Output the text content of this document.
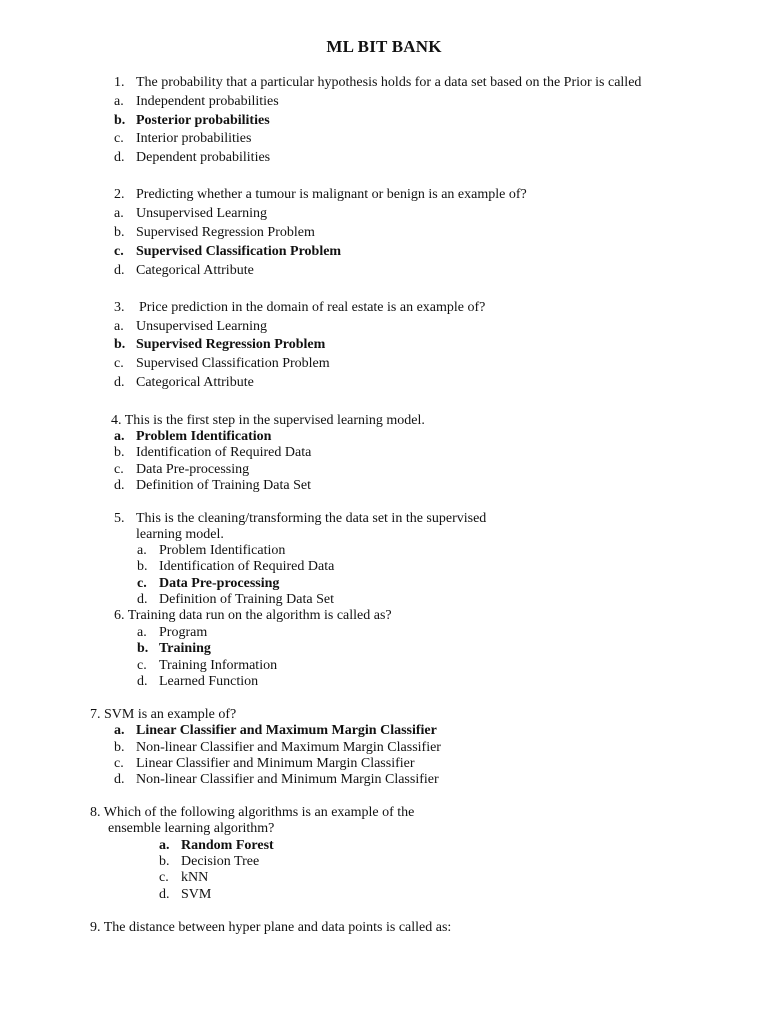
ML BIT BANK
1. The probability that a particular hypothesis holds for a data set based on the Prior is called
a. Independent probabilities
b. Posterior probabilities
c. Interior probabilities
d. Dependent probabilities
2. Predicting whether a tumour is malignant or benign is an example of?
a. Unsupervised Learning
b. Supervised Regression Problem
c. Supervised Classification Problem
d. Categorical Attribute
3. Price prediction in the domain of real estate is an example of?
a. Unsupervised Learning
b. Supervised Regression Problem
c. Supervised Classification Problem
d. Categorical Attribute
4. This is the first step in the supervised learning model.
a. Problem Identification
b. Identification of Required Data
c. Data Pre-processing
d. Definition of Training Data Set
5. This is the cleaning/transforming the data set in the supervised
learning model.
a. Problem Identification
b. Identification of Required Data
c. Data Pre-processing
d. Definition of Training Data Set
6. Training data run on the algorithm is called as?
a. Program
b. Training
c. Training Information
d. Learned Function
7. SVM is an example of?
a. Linear Classifier and Maximum Margin Classifier
b. Non-linear Classifier and Maximum Margin Classifier
c. Linear Classifier and Minimum Margin Classifier
d. Non-linear Classifier and Minimum Margin Classifier
8. Which of the following algorithms is an example of the
ensemble learning algorithm?
a. Random Forest
b. Decision Tree
c. kNN
d. SVM
9. The distance between hyper plane and data points is called as:
